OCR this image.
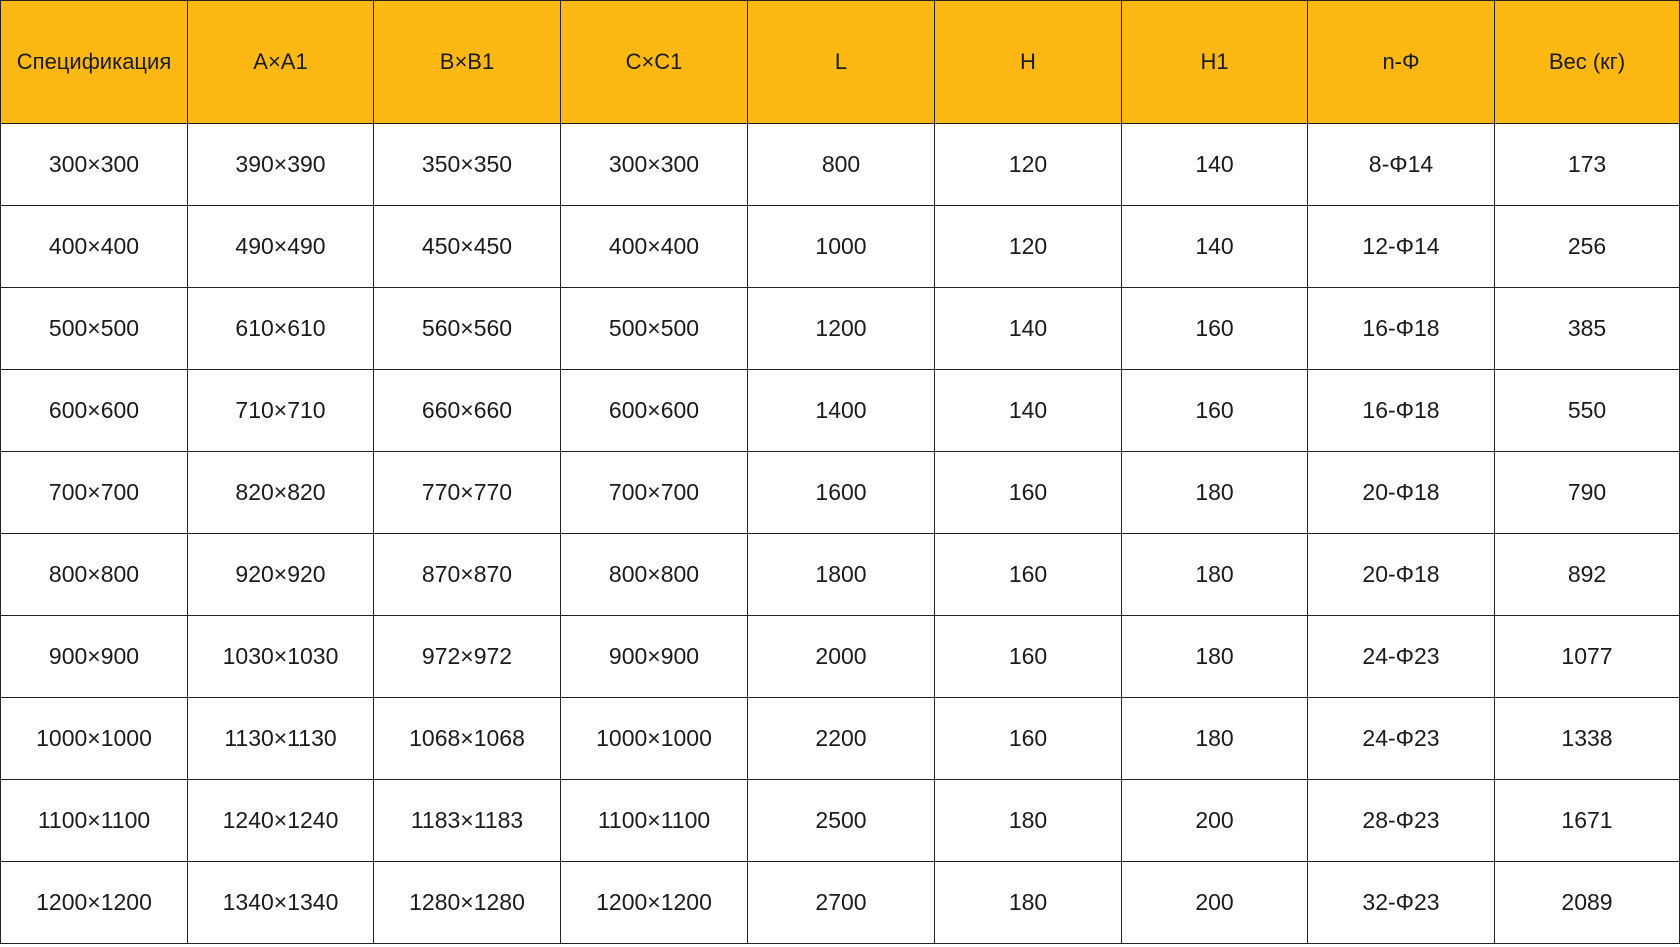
Спецификация	A×A1	B×B1	C×C1	L	H	H1	n-Φ	Вес (кг)
300×300	390×390	350×350	300×300	800	120	140	8-Φ14	173
400×400	490×490	450×450	400×400	1000	120	140	12-Φ14	256
500×500	610×610	560×560	500×500	1200	140	160	16-Φ18	385
600×600	710×710	660×660	600×600	1400	140	160	16-Φ18	550
700×700	820×820	770×770	700×700	1600	160	180	20-Φ18	790
800×800	920×920	870×870	800×800	1800	160	180	20-Φ18	892
900×900	1030×1030	972×972	900×900	2000	160	180	24-Φ23	1077
1000×1000	1130×1130	1068×1068	1000×1000	2200	160	180	24-Φ23	1338
1100×1100	1240×1240	1183×1183	1100×1100	2500	180	200	28-Φ23	1671
1200×1200	1340×1340	1280×1280	1200×1200	2700	180	200	32-Φ23	2089
